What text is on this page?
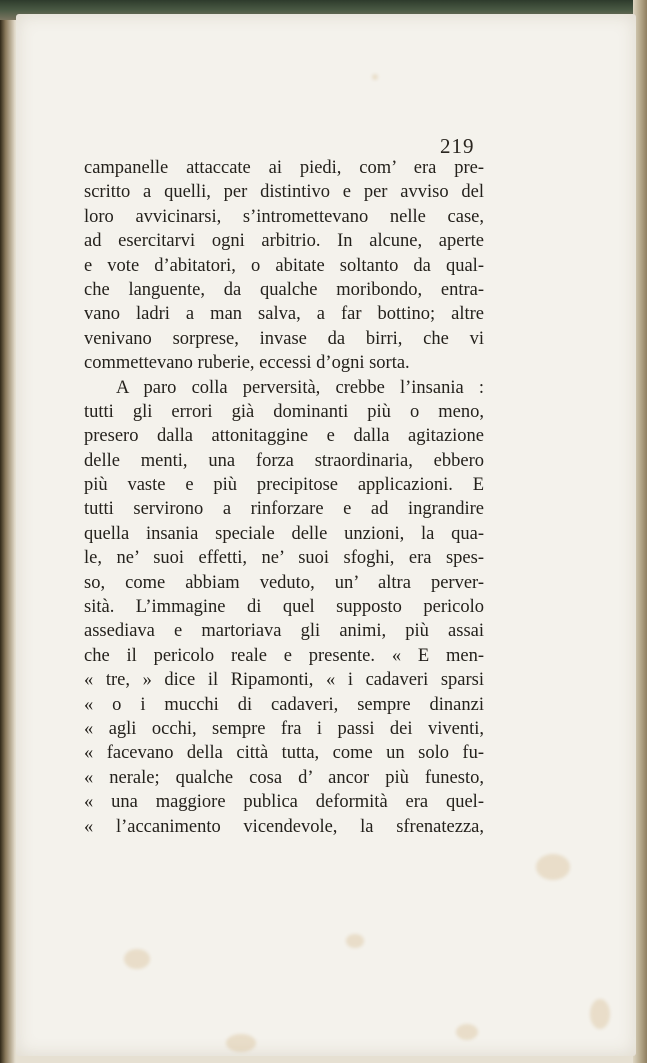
219
campanelle attaccate ai piedi, com’ era pre-
scritto a quelli, per distintivo e per avviso del
loro avvicinarsi, s’intromettevano nelle case,
ad esercitarvi ogni arbitrio. In alcune, aperte
e vote d’abitatori, o abitate soltanto da qual-
che languente, da qualche moribondo, entra-
vano ladri a man salva, a far bottino; altre
venivano sorprese, invase da birri, che vi
commettevano ruberie, eccessi d’ogni sorta.
A paro colla perversità, crebbe l’insania :
tutti gli errori già dominanti più o meno,
presero dalla attonitaggine e dalla agitazione
delle menti, una forza straordinaria, ebbero
più vaste e più precipitose applicazioni. E
tutti servirono a rinforzare e ad ingrandire
quella insania speciale delle unzioni, la qua-
le, ne’ suoi effetti, ne’ suoi sfoghi, era spes-
so, come abbiam veduto, un’ altra perver-
sità. L’immagine di quel supposto pericolo
assediava e martoriava gli animi, più assai
che il pericolo reale e presente. « E men-
« tre, » dice il Ripamonti, « i cadaveri sparsi
« o i mucchi di cadaveri, sempre dinanzi
« agli occhi, sempre fra i passi dei viventi,
« facevano della città tutta, come un solo fu-
« nerale; qualche cosa d’ ancor più funesto,
« una maggiore publica deformità era quel-
« l’accanimento vicendevole, la sfrenatezza,
